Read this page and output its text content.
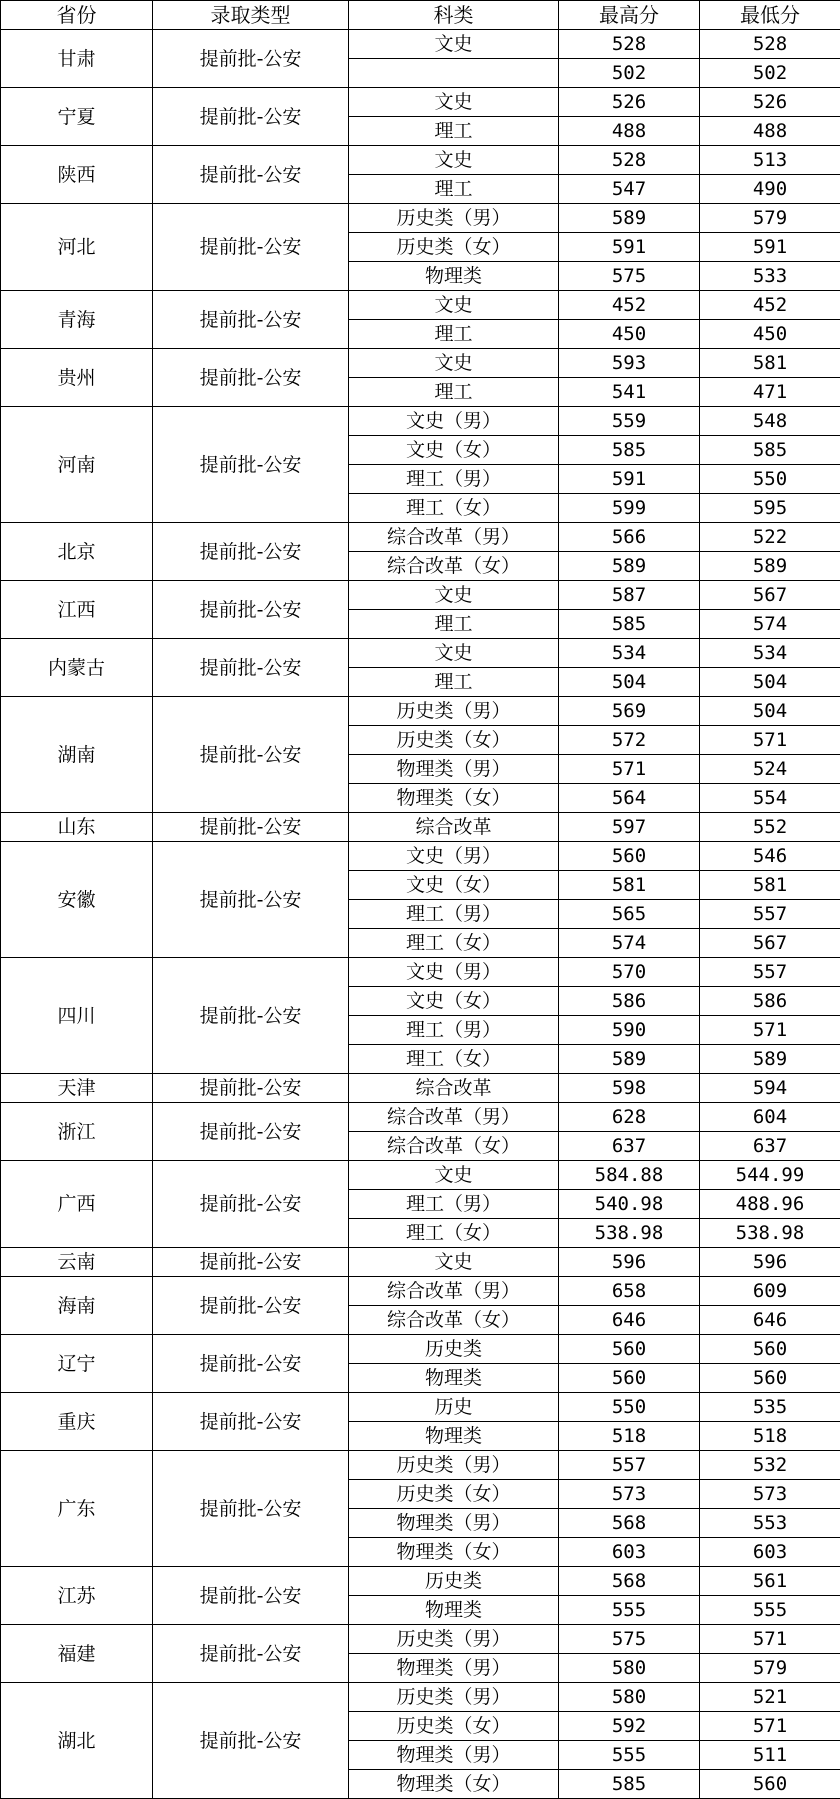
省份	录取类型	科类	最高分	最低分
甘肃	提前批-公安	文史	528	528
			502	502
宁夏	提前批-公安	文史	526	526
		理工	488	488
陕西	提前批-公安	文史	528	513
		理工	547	490
河北	提前批-公安	历史类（男）	589	579
		历史类（女）	591	591
		物理类	575	533
青海	提前批-公安	文史	452	452
		理工	450	450
贵州	提前批-公安	文史	593	581
		理工	541	471
河南	提前批-公安	文史（男）	559	548
		文史（女）	585	585
		理工（男）	591	550
		理工（女）	599	595
北京	提前批-公安	综合改革（男）	566	522
		综合改革（女）	589	589
江西	提前批-公安	文史	587	567
		理工	585	574
内蒙古	提前批-公安	文史	534	534
		理工	504	504
湖南	提前批-公安	历史类（男）	569	504
		历史类（女）	572	571
		物理类（男）	571	524
		物理类（女）	564	554
山东	提前批-公安	综合改革	597	552
安徽	提前批-公安	文史（男）	560	546
		文史（女）	581	581
		理工（男）	565	557
		理工（女）	574	567
四川	提前批-公安	文史（男）	570	557
		文史（女）	586	586
		理工（男）	590	571
		理工（女）	589	589
天津	提前批-公安	综合改革	598	594
浙江	提前批-公安	综合改革（男）	628	604
		综合改革（女）	637	637
广西	提前批-公安	文史	584.88	544.99
		理工（男）	540.98	488.96
		理工（女）	538.98	538.98
云南	提前批-公安	文史	596	596
海南	提前批-公安	综合改革（男）	658	609
		综合改革（女）	646	646
辽宁	提前批-公安	历史类	560	560
		物理类	560	560
重庆	提前批-公安	历史	550	535
		物理类	518	518
广东	提前批-公安	历史类（男）	557	532
		历史类（女）	573	573
		物理类（男）	568	553
		物理类（女）	603	603
江苏	提前批-公安	历史类	568	561
		物理类	555	555
福建	提前批-公安	历史类（男）	575	571
		物理类（男）	580	579
湖北	提前批-公安	历史类（男）	580	521
		历史类（女）	592	571
		物理类（男）	555	511
		物理类（女）	585	560
